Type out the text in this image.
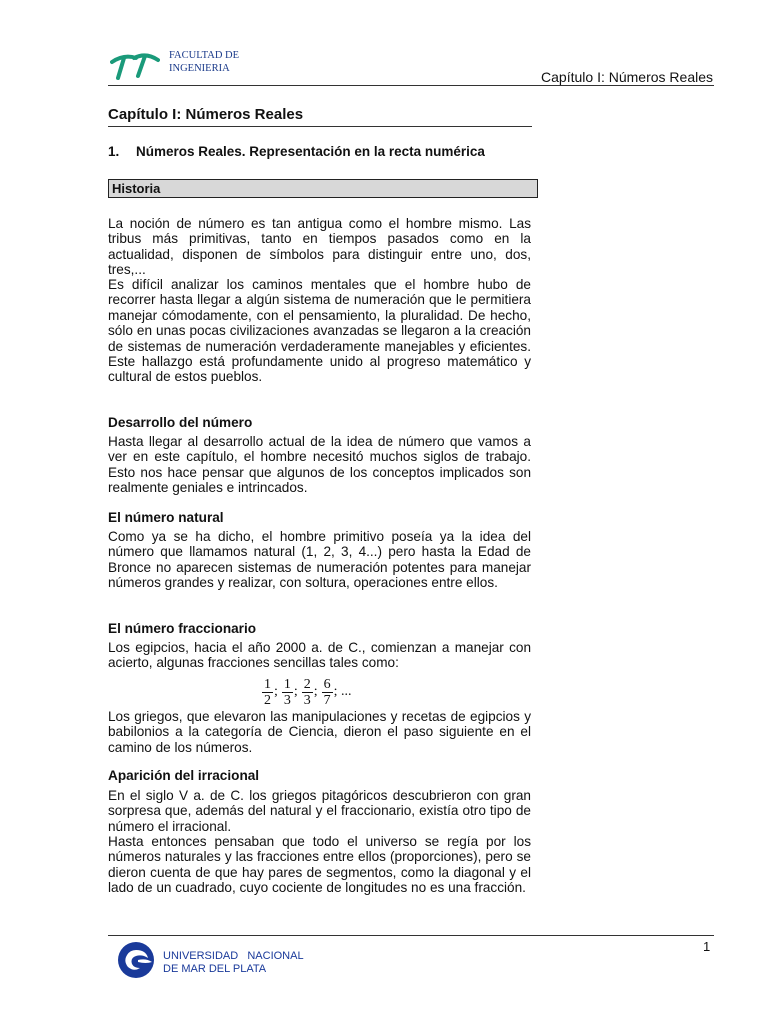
FACULTAD DE
INGENIERIA
Capítulo I: Números Reales
Capítulo I: Números Reales
1. Números Reales. Representación en la recta numérica
Historia

La noción de número es tan antigua como el hombre mismo. Las tribus más primitivas, tanto en tiempos pasados como en la actualidad, disponen de símbolos para distinguir entre uno, dos, tres,...

Es difícil analizar los caminos mentales que el hombre hubo de recorrer hasta llegar a algún sistema de numeración que le permitiera manejar cómodamente, con el pensamiento, la pluralidad. De hecho, sólo en unas pocas civilizaciones avanzadas se llegaron a la creación de sistemas de numeración verdaderamente manejables y eficientes. Este hallazgo está profundamente unido al progreso matemático y cultural de estos pueblos.

Desarrollo del número

Hasta llegar al desarrollo actual de la idea de número que vamos a ver en este capítulo, el hombre necesitó muchos siglos de trabajo. Esto nos hace pensar que algunos de los conceptos implicados son realmente geniales e intrincados.

El número natural

Como ya se ha dicho, el hombre primitivo poseía ya la idea del número que llamamos natural (1, 2, 3, 4...) pero hasta la Edad de Bronce no aparecen sistemas de numeración potentes para manejar números grandes y realizar, con soltura, operaciones entre ellos.

El número fraccionario

Los egipcios, hacia el año 2000 a. de C., comienzan a manejar con acierto, algunas fracciones sencillas tales como:

$\frac{1}{2}$ ; $\frac{1}{3}$ ; $\frac{2}{3}$ ; $\frac{6}{7}$ ; ...

Los griegos, que elevaron las manipulaciones y recetas de egipcios y babilonios a la categoría de Ciencia, dieron el paso siguiente en el camino de los números.

Aparición del irracional

En el siglo V a. de C. los griegos pitagóricos descubrieron con gran sorpresa que, además del natural y el fraccionario, existía otro tipo de número el irracional.

Hasta entonces pensaban que todo el universo se regía por los números naturales y las fracciones entre ellos (proporciones), pero se dieron cuenta de que hay pares de segmentos, como la diagonal y el lado de un cuadrado, cuyo cociente de longitudes no es una fracción.

1
UNIVERSIDAD   NACIONAL
DE MAR DEL PLATA
